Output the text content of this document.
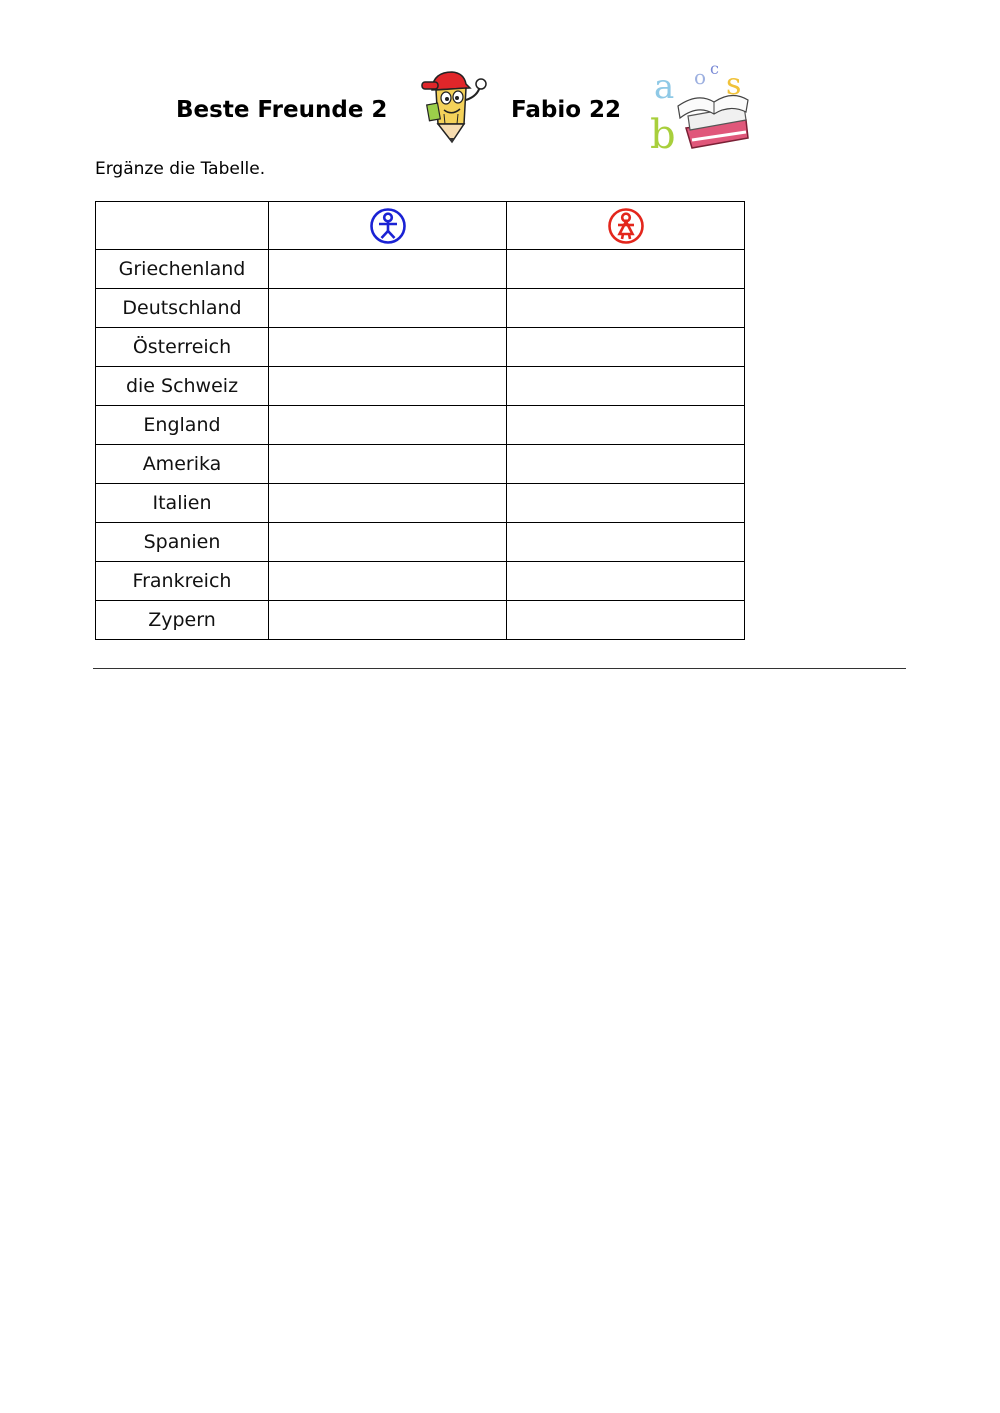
Beste Freunde 2	Fabio 22
a o c s
b
Ergänze die Tabelle.

Griechenland		
Deutschland		
Österreich		
die Schweiz		
England		
Amerika		
Italien		
Spanien		
Frankreich		
Zypern		
